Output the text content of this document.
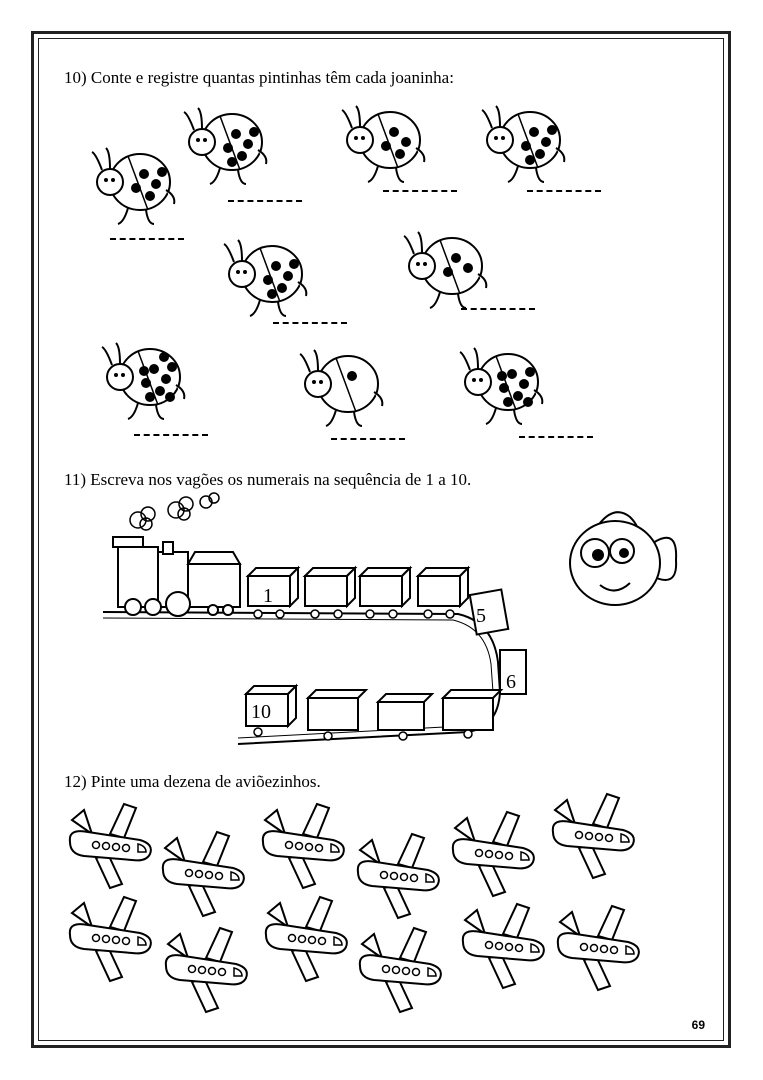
10) Conte e registre quantas pintinhas têm cada joaninha:
11) Escreva nos vagões os numerais na sequência de 1 a 10.
1
5
6
10
12) Pinte uma dezena de aviõezinhos.
69
